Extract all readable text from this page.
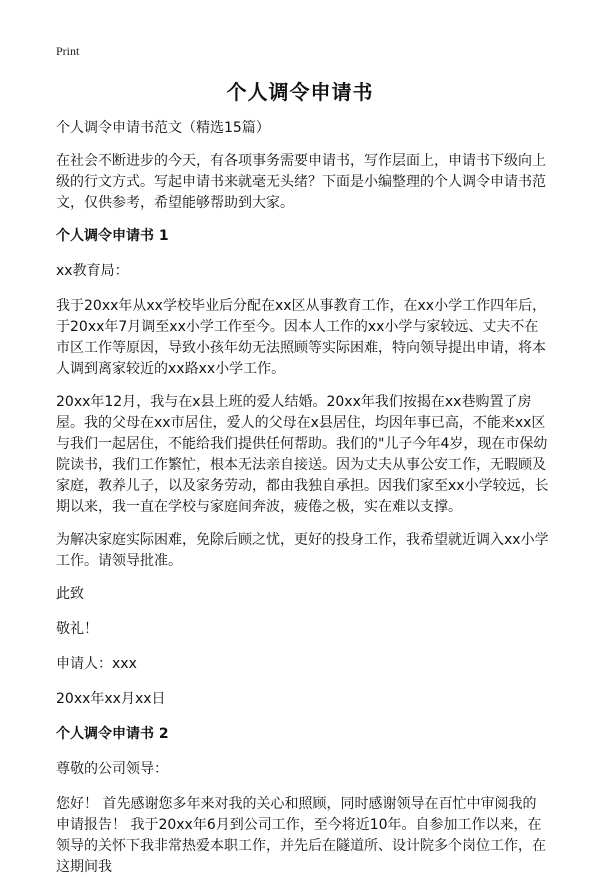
Print
个人调令申请书

个人调令申请书范文（精选15篇）

在社会不断进步的今天，有各项事务需要申请书，写作层面上，申请书下级向上级的行文方式。写起申请书来就毫无头绪？下面是小编整理的个人调令申请书范文，仅供参考，希望能够帮助到大家。

个人调令申请书 1

xx教育局：

我于20xx年从xx学校毕业后分配在xx区从事教育工作，在xx小学工作四年后，于20xx年7月调至xx小学工作至今。因本人工作的xx小学与家较远、丈夫不在市区工作等原因，导致小孩年幼无法照顾等实际困难，特向领导提出申请，将本人调到离家较近的xx路xx小学工作。

20xx年12月，我与在x县上班的爱人结婚。20xx年我们按揭在xx巷购置了房屋。我的父母在xx市居住，爱人的父母在x县居住，均因年事已高，不能来xx区与我们一起居住，不能给我们提供任何帮助。我们的"儿子今年4岁，现在市保幼院读书，我们工作繁忙，根本无法亲自接送。因为丈夫从事公安工作，无暇顾及家庭，教养儿子，以及家务劳动，都由我独自承担。因我们家至xx小学较远，长期以来，我一直在学校与家庭间奔波，疲倦之极，实在难以支撑。

为解决家庭实际困难，免除后顾之忧，更好的投身工作，我希望就近调入xx小学工作。请领导批准。

此致

敬礼！

申请人：xxx

20xx年xx月xx日

个人调令申请书 2

尊敬的公司领导：

您好！ 首先感谢您多年来对我的关心和照顾，同时感谢领导在百忙中审阅我的申请报告！ 我于20xx年6月到公司工作，至今将近10年。自参加工作以来，在领导的关怀下我非常热爱本职工作，并先后在隧道所、设计院多个岗位工作，在这期间我
